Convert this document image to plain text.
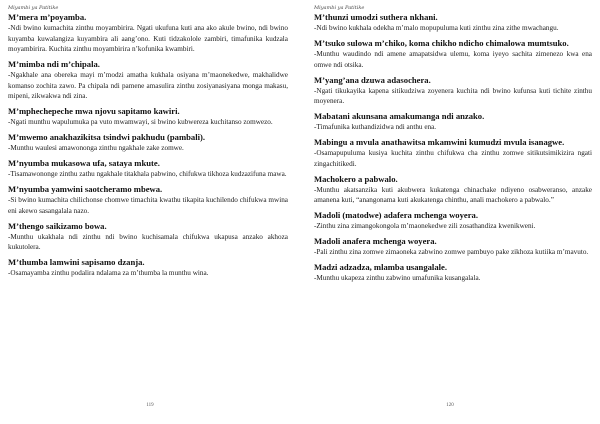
Miyambi ya Patitike
M’mera m’poyamba.
-Ndi bwino kumachita zinthu moyambirira. Ngati ukufuna kuti ana ako akule bwino, ndi bwino kuyamba kuwalangiza kuyambira ali aang’ono. Kuti tidzakolole zambiri, timafunika kudzala moyambirira. Kuchita zinthu moyambirira n’kofunika kwambiri.
M’mimba ndi m’chipala.
-Ngakhale ana obereka mayi m’modzi amatha kukhala osiyana m’maonekedwe, makhalidwe komanso zochita zawo. Pa chipala ndi pamene amasulira zinthu zosiyanasiyana monga makasu, mipeni, zikwakwa ndi zina.
M’mphechepeche mwa njovu sapitamo kawiri.
-Ngati munthu wapulumuka pa vuto mwamwayi, si bwino kubwereza kuchitanso zomwezo.
M’mwemo anakhazikitsa tsindwi pakhudu (pambali).
-Munthu waulesi amawononga zinthu ngakhale zake zomwe.
M’nyumba mukasowa ufa, sataya mkute.
-Tisamawononge zinthu zathu ngakhale titakhala pabwino, chifukwa tikhoza kudzazifuna mawa.
M’nyumba yamwini saotcheramo mbewa.
-Si bwino kumachita chilichonse chomwe timachita kwathu tikapita kuchilendo chifukwa mwina eni akewo sasangalala nazo.
M’thengo saikizamo bowa.
-Munthu ukakhala ndi zinthu ndi bwino kuchisamala chifukwa ukapusa anzako akhoza kukutolera.
M’thumba lamwini sapisamo dzanja.
-Osamayamba zinthu podalira ndalama za m’thumba la munthu wina.
119
Miyambi ya Patitike
M’thunzi umodzi suthera nkhani.
-Ndi bwino kukhala odekha m’malo mopupuluma kuti zinthu zina zithe mwachangu.
M’tsuko sulowa m’chiko, koma chikho ndicho chimalowa mumtsuko.
-Munthu waudindo ndi amene amapatsidwa ulemu, koma iyeyo sachita zimenezo kwa ena omwe ndi otsika.
M’yang’ana dzuwa adasochera.
-Ngati tikukayika kapena sitikudziwa zoyenera kuchita ndi bwino kufunsa kuti tichite zinthu moyenera.
Mabatani akunsana amakumanga ndi anzako.
-Timafunika kuthandizidwa ndi anthu ena.
Mabingu a mvula anathawitsa mkamwini kumudzi mvula isanagwe.
-Osamapupuluma kusiya kuchita zinthu chifukwa cha zinthu zomwe sitikutsimikizira ngati zingachitikedi.
Machokero a pabwalo.
-Munthu akatsanzika kuti akubwera kukatenga chinachake ndiyeno osabweranso, anzake amanena kuti, “anangonama kuti akukatenga chinthu, anali machokero a pabwalo.”
Madoli (matodwe) adafera mchenga woyera.
-Zinthu zina zimangokongola m’maonekedwe zili zosathandiza kwenikweni.
Madoli anafera mchenga woyera.
-Pali zinthu zina zomwe zimaoneka zabwino zomwe pambuyo pake zikhoza kutiika m’mavuto.
Madzi adzadza, mlamba usangalale.
-Munthu ukapeza zinthu zabwino umafunika kusangalala.
120
